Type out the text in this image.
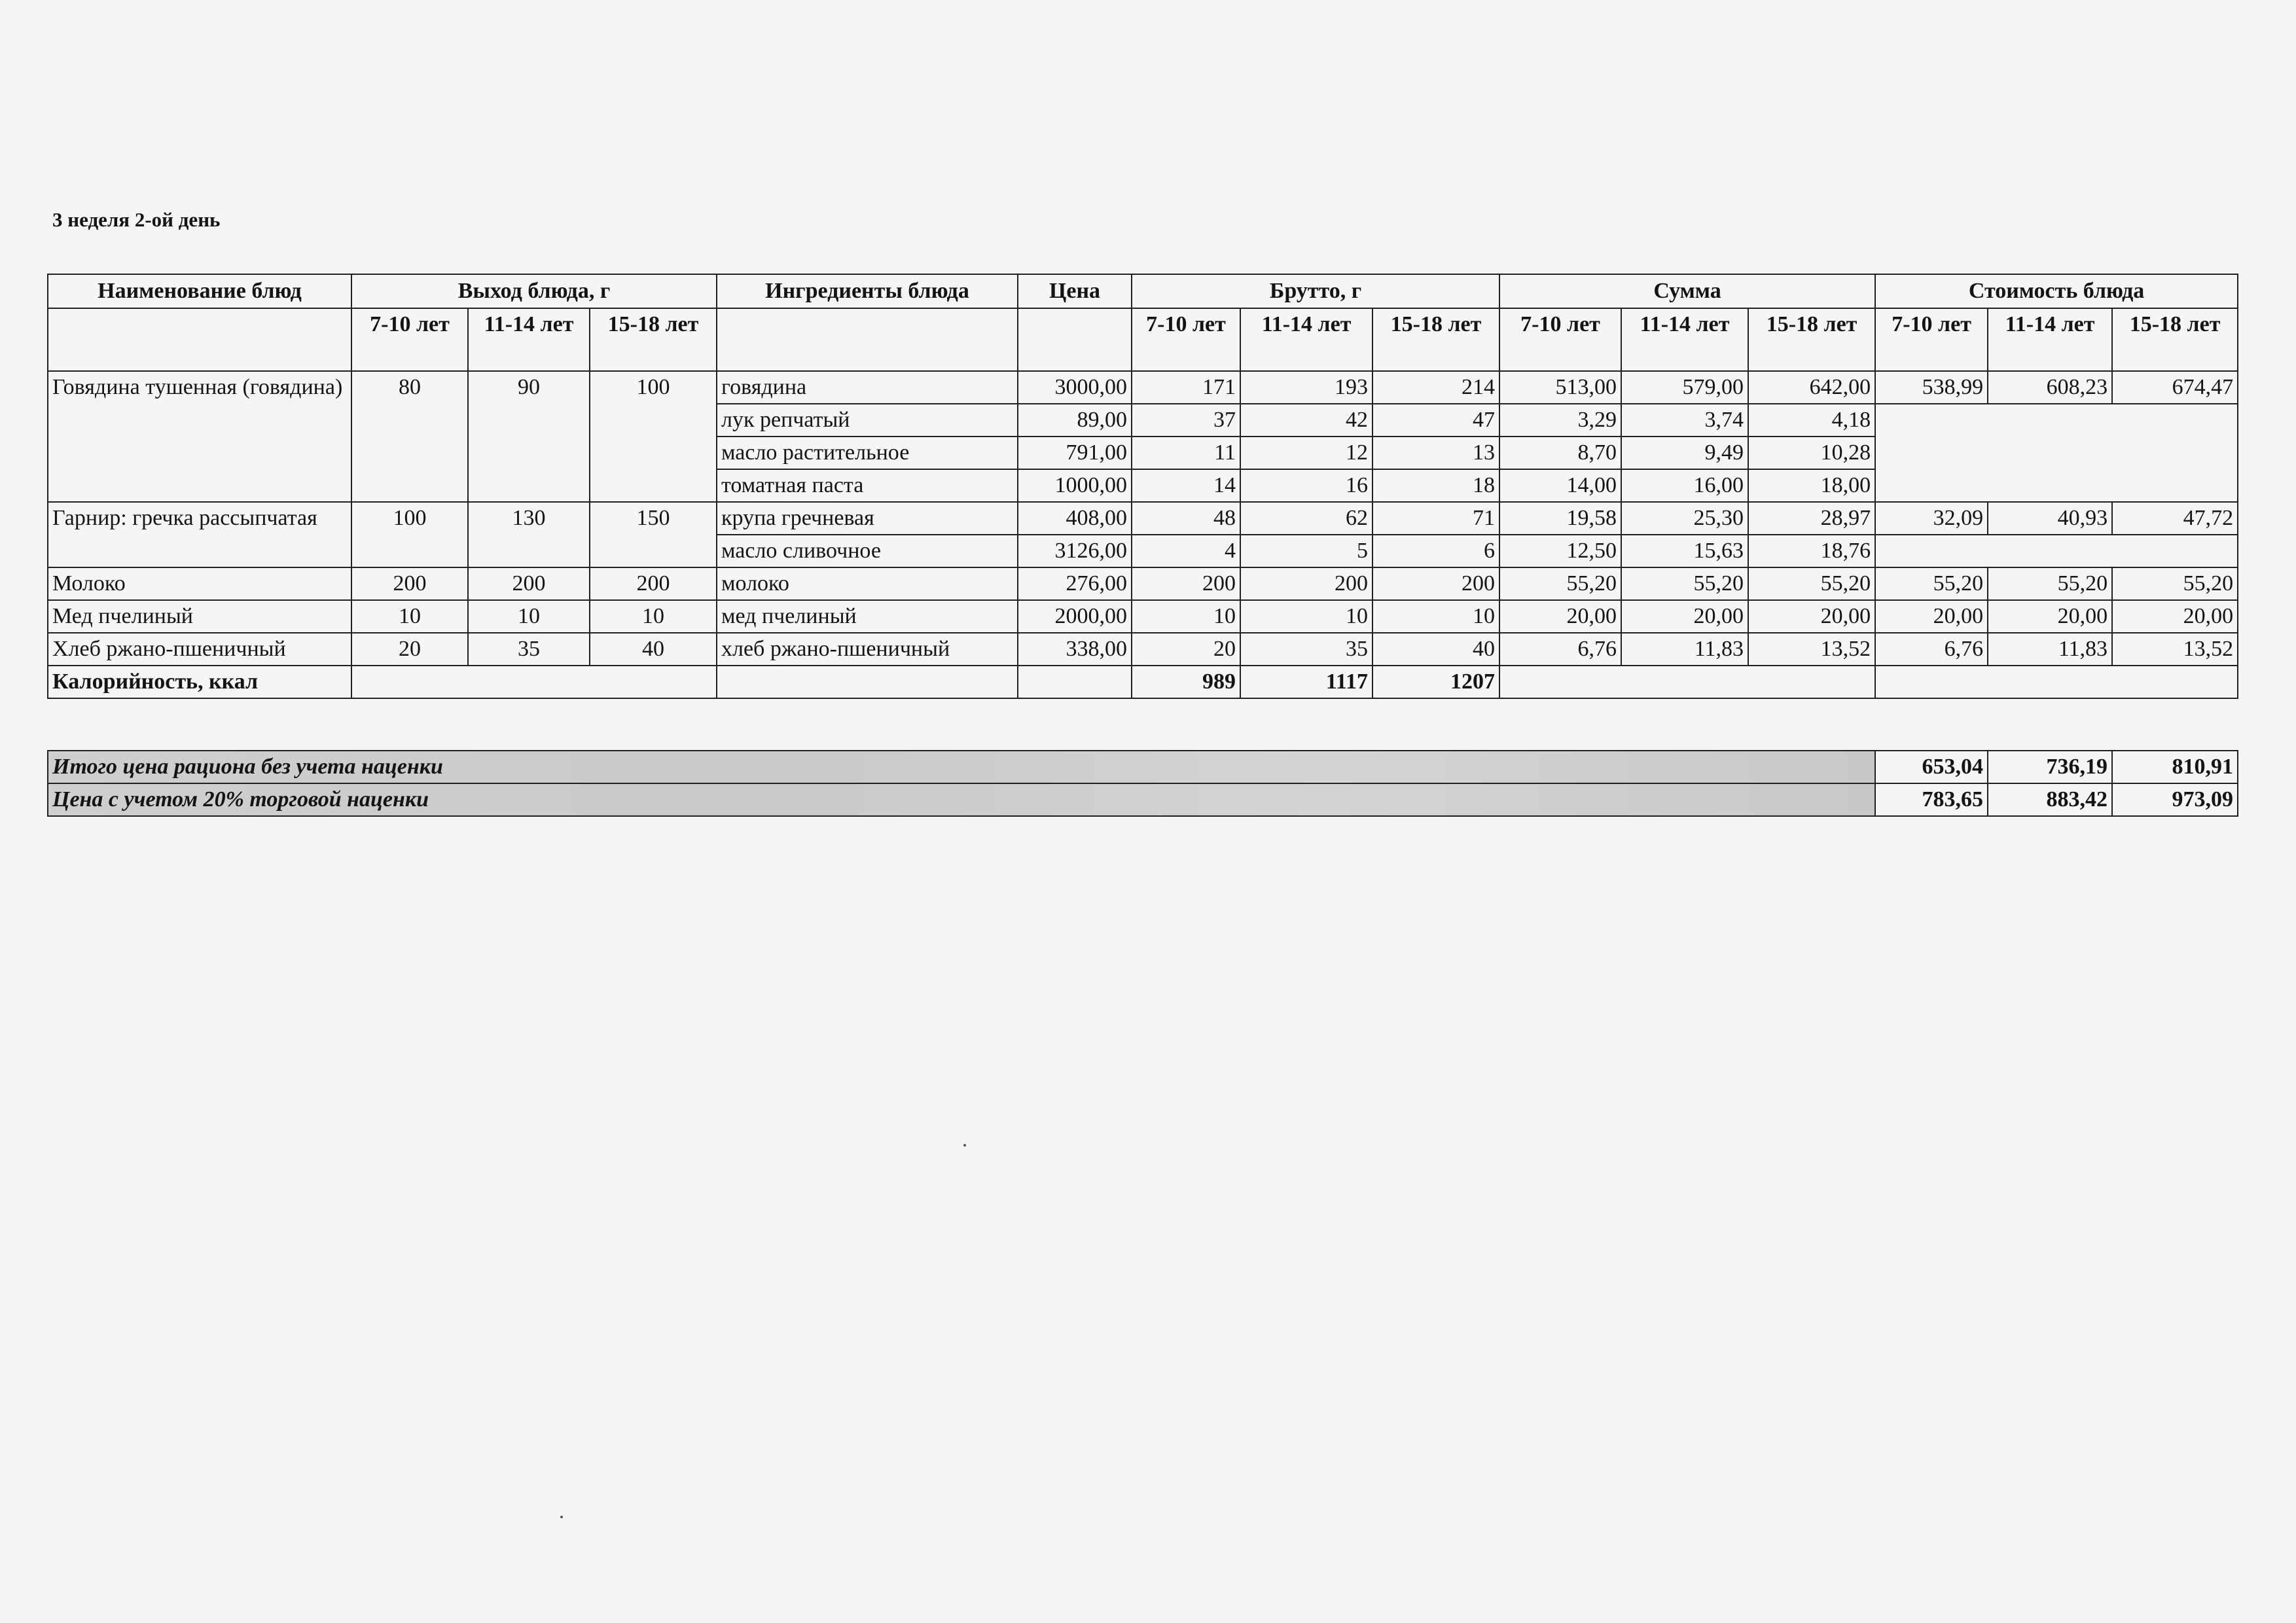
3 неделя 2-ой день
Наименование блюд	Выход блюда, г			Ингредиенты блюда	Цена	Брутто, г			Сумма			Стоимость блюда		
	7-10 лет	11-14 лет	15-18 лет			7-10 лет	11-14 лет	15-18 лет	7-10 лет	11-14 лет	15-18 лет	7-10 лет	11-14 лет	15-18 лет
Говядина тушенная (говядина)	80	90	100	говядина	3000,00	171	193	214	513,00	579,00	642,00	538,99	608,23	674,47
				лук репчатый	89,00	37	42	47	3,29	3,74	4,18			
				масло растительное	791,00	11	12	13	8,70	9,49	10,28			
				томатная паста	1000,00	14	16	18	14,00	16,00	18,00			
Гарнир: гречка рассыпчатая	100	130	150	крупа гречневая	408,00	48	62	71	19,58	25,30	28,97	32,09	40,93	47,72
				масло сливочное	3126,00	4	5	6	12,50	15,63	18,76			
Молоко	200	200	200	молоко	276,00	200	200	200	55,20	55,20	55,20	55,20	55,20	55,20
Мед пчелиный	10	10	10	мед пчелиный	2000,00	10	10	10	20,00	20,00	20,00	20,00	20,00	20,00
Хлеб ржано-пшеничный	20	35	40	хлеб ржано-пшеничный	338,00	20	35	40	6,76	11,83	13,52	6,76	11,83	13,52
Калорийность, ккал						989	1117	1207						
Итого цена рациона без учета наценки	653,04	736,19	810,91
Цена с учетом 20% торговой наценки	783,65	883,42	973,09
